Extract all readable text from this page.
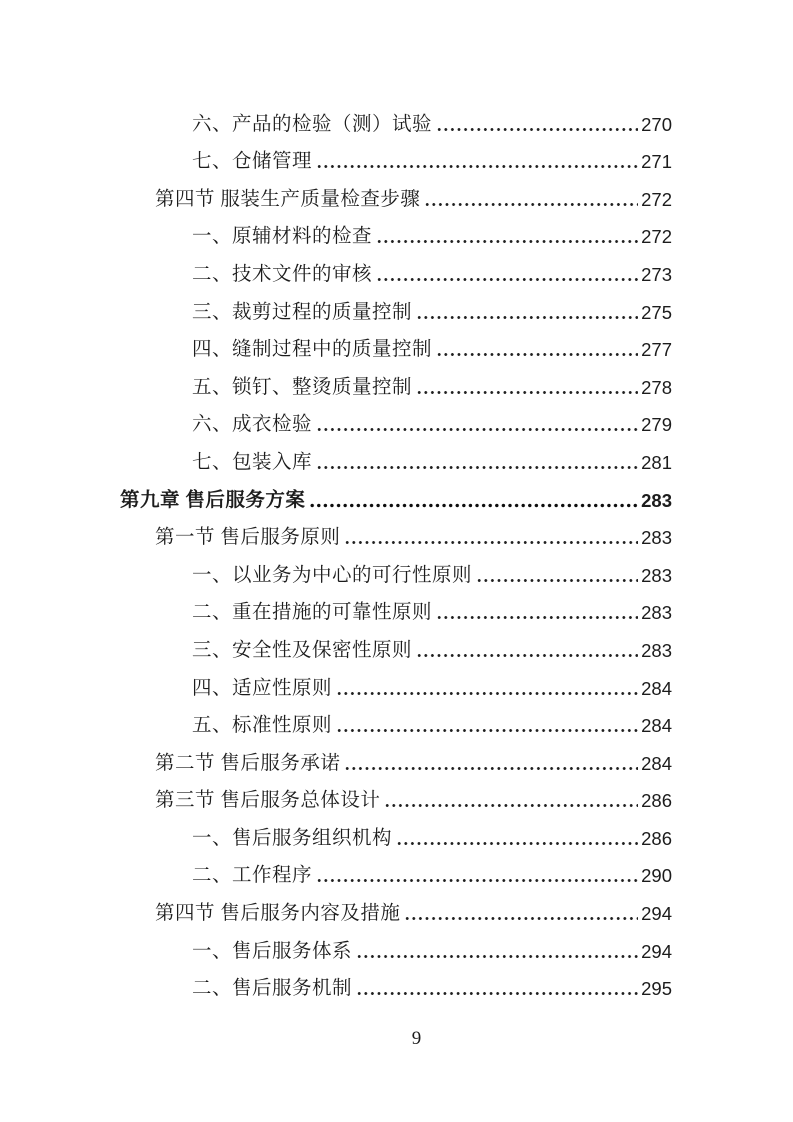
六、产品的检验（测）试验	270
七、仓储管理	271
第四节 服装生产质量检查步骤	272
一、原辅材料的检查	272
二、技术文件的审核	273
三、裁剪过程的质量控制	275
四、缝制过程中的质量控制	277
五、锁钉、整烫质量控制	278
六、成衣检验	279
七、包装入库	281
第九章 售后服务方案	283
第一节 售后服务原则	283
一、以业务为中心的可行性原则	283
二、重在措施的可靠性原则	283
三、安全性及保密性原则	283
四、适应性原则	284
五、标准性原则	284
第二节 售后服务承诺	284
第三节 售后服务总体设计	286
一、售后服务组织机构	286
二、工作程序	290
第四节 售后服务内容及措施	294
一、售后服务体系	294
二、售后服务机制	295
9
